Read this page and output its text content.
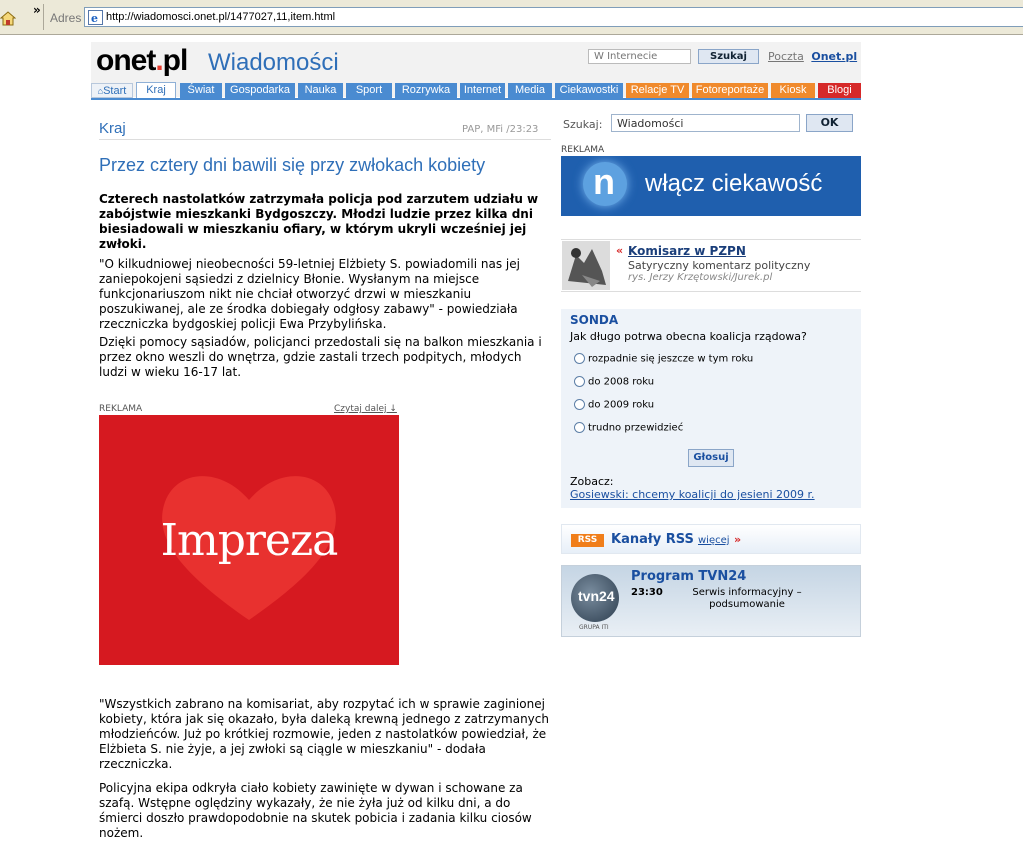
»
Adres e http://wiadomosci.onet.pl/1477027,11,item.html
onet.pl Wiadomości
W Internecie	Szukaj	Poczta Onet.pl
⌂Start	Kraj	Świat	Gospodarka	Nauka	Sport	Rozrywka	Internet	Media	Ciekawostki	Relacje TV	Fotoreportaże	Kiosk	Blogi
Kraj	PAP, MFi /23:23
Przez cztery dni bawili się przy zwłokach kobiety
Czterech nastolatków zatrzymała policja pod zarzutem udziału w zabójstwie mieszkanki Bydgoszczy. Młodzi ludzie przez kilka dni biesiadowali w mieszkaniu ofiary, w którym ukryli wcześniej jej zwłoki.
"O kilkudniowej nieobecności 59-letniej Elżbiety S. powiadomili nas jej zaniepokojeni sąsiedzi z dzielnicy Błonie. Wysłanym na miejsce funkcjonariuszom nikt nie chciał otworzyć drzwi w mieszkaniu poszukiwanej, ale ze środka dobiegały odgłosy zabawy" - powiedziała rzeczniczka bydgoskiej policji Ewa Przybylińska.
Dzięki pomocy sąsiadów, policjanci przedostali się na balkon mieszkania i przez okno weszli do wnętrza, gdzie zastali trzech podpitych, młodych ludzi w wieku 16-17 lat.
REKLAMA	Czytaj dalej ↓
Impreza
"Wszystkich zabrano na komisariat, aby rozpytać ich w sprawie zaginionej kobiety, która jak się okazało, była daleką krewną jednego z zatrzymanych młodzieńców. Już po krótkiej rozmowie, jeden z nastolatków powiedział, że Elżbieta S. nie żyje, a jej zwłoki są ciągle w mieszkaniu" - dodała rzeczniczka.
Policyjna ekipa odkryła ciało kobiety zawinięte w dywan i schowane za szafą. Wstępne oględziny wykazały, że nie żyła już od kilku dni, a do śmierci doszło prawdopodobnie na skutek pobicia i zadania kilku ciosów nożem.
Szukaj:
Wiadomości	OK
REKLAMA
n włącz ciekawość
« Komisarz w PZPN
Satyryczny komentarz polityczny
rys. Jerzy Krzętowski/Jurek.pl
SONDA
Jak długo potrwa obecna koalicja rządowa?
rozpadnie się jeszcze w tym roku
do 2008 roku
do 2009 roku
trudno przewidzieć
Głosuj
Zobacz:
Gosiewski: chcemy koalicji do jesieni 2009 r.
RSS	Kanały RSS więcej »
tvn24
GRUPA ITI
Program TVN24
23:30	Serwis informacyjny – podsumowanie
